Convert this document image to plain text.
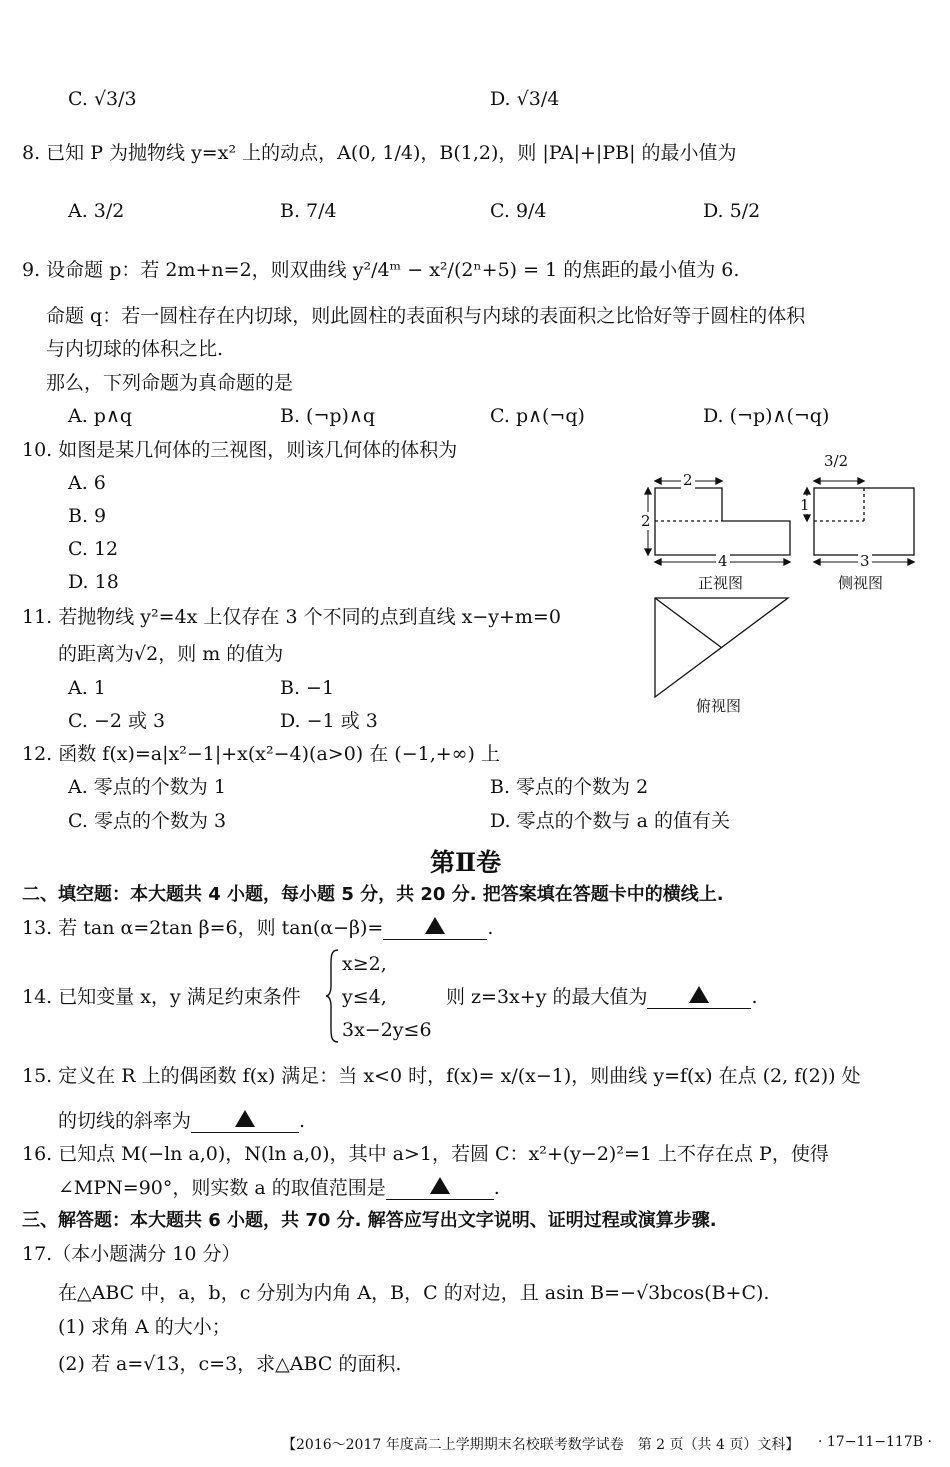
C. √3/3	D. √3/4
8. 已知 P 为抛物线 y=x² 上的动点，A(0, 1/4)，B(1,2)，则 |PA|+|PB| 的最小值为
A. 3/2	B. 7/4	C. 9/4	D. 5/2
9. 设命题 p：若 2m+n=2，则双曲线 y²/4ᵐ − x²/(2ⁿ+5) = 1 的焦距的最小值为 6.
命题 q：若一圆柱存在内切球，则此圆柱的表面积与内球的表面积之比恰好等于圆柱的体积
与内切球的体积之比.
那么，下列命题为真命题的是
A. p∧q	B. (¬p)∧q	C. p∧(¬q)	D. (¬p)∧(¬q)
10. 如图是某几何体的三视图，则该几何体的体积为
A. 6
B. 9
C. 12
D. 18
2
2
4
3/2
1
3
正视图	侧视图
俯视图
11. 若抛物线 y²=4x 上仅存在 3 个不同的点到直线 x−y+m=0
的距离为√2，则 m 的值为
A. 1	B. −1
C. −2 或 3	D. −1 或 3
12. 函数 f(x)=a|x²−1|+x(x²−4)(a>0) 在 (−1,+∞) 上
A. 零点的个数为 1	B. 零点的个数为 2
C. 零点的个数为 3	D. 零点的个数与 a 的值有关
第Ⅱ卷
二、填空题：本大题共 4 小题，每小题 5 分，共 20 分. 把答案填在答题卡中的横线上.
13. 若 tan α=2tan β=6，则 tan(α−β)=	.
14. 已知变量 x，y 满足约束条件
x≥2,
y≤4,
3x−2y≤6
则 z=3x+y 的最大值为	.
15. 定义在 R 上的偶函数 f(x) 满足：当 x<0 时，f(x)= x/(x−1)，则曲线 y=f(x) 在点 (2, f(2)) 处
的切线的斜率为	.
16. 已知点 M(−ln a,0)，N(ln a,0)，其中 a>1，若圆 C：x²+(y−2)²=1 上不存在点 P，使得
∠MPN=90°，则实数 a 的取值范围是	.
三、解答题：本大题共 6 小题，共 70 分. 解答应写出文字说明、证明过程或演算步骤.
17.（本小题满分 10 分）
在△ABC 中，a，b，c 分别为内角 A，B，C 的对边，且 asin B=−√3bcos(B+C).
(1) 求角 A 的大小；
(2) 若 a=√13，c=3，求△ABC 的面积.
【2016～2017 年度高二上学期期末名校联考数学试卷　第 2 页（共 4 页）文科】 · 17−11−117B ·
